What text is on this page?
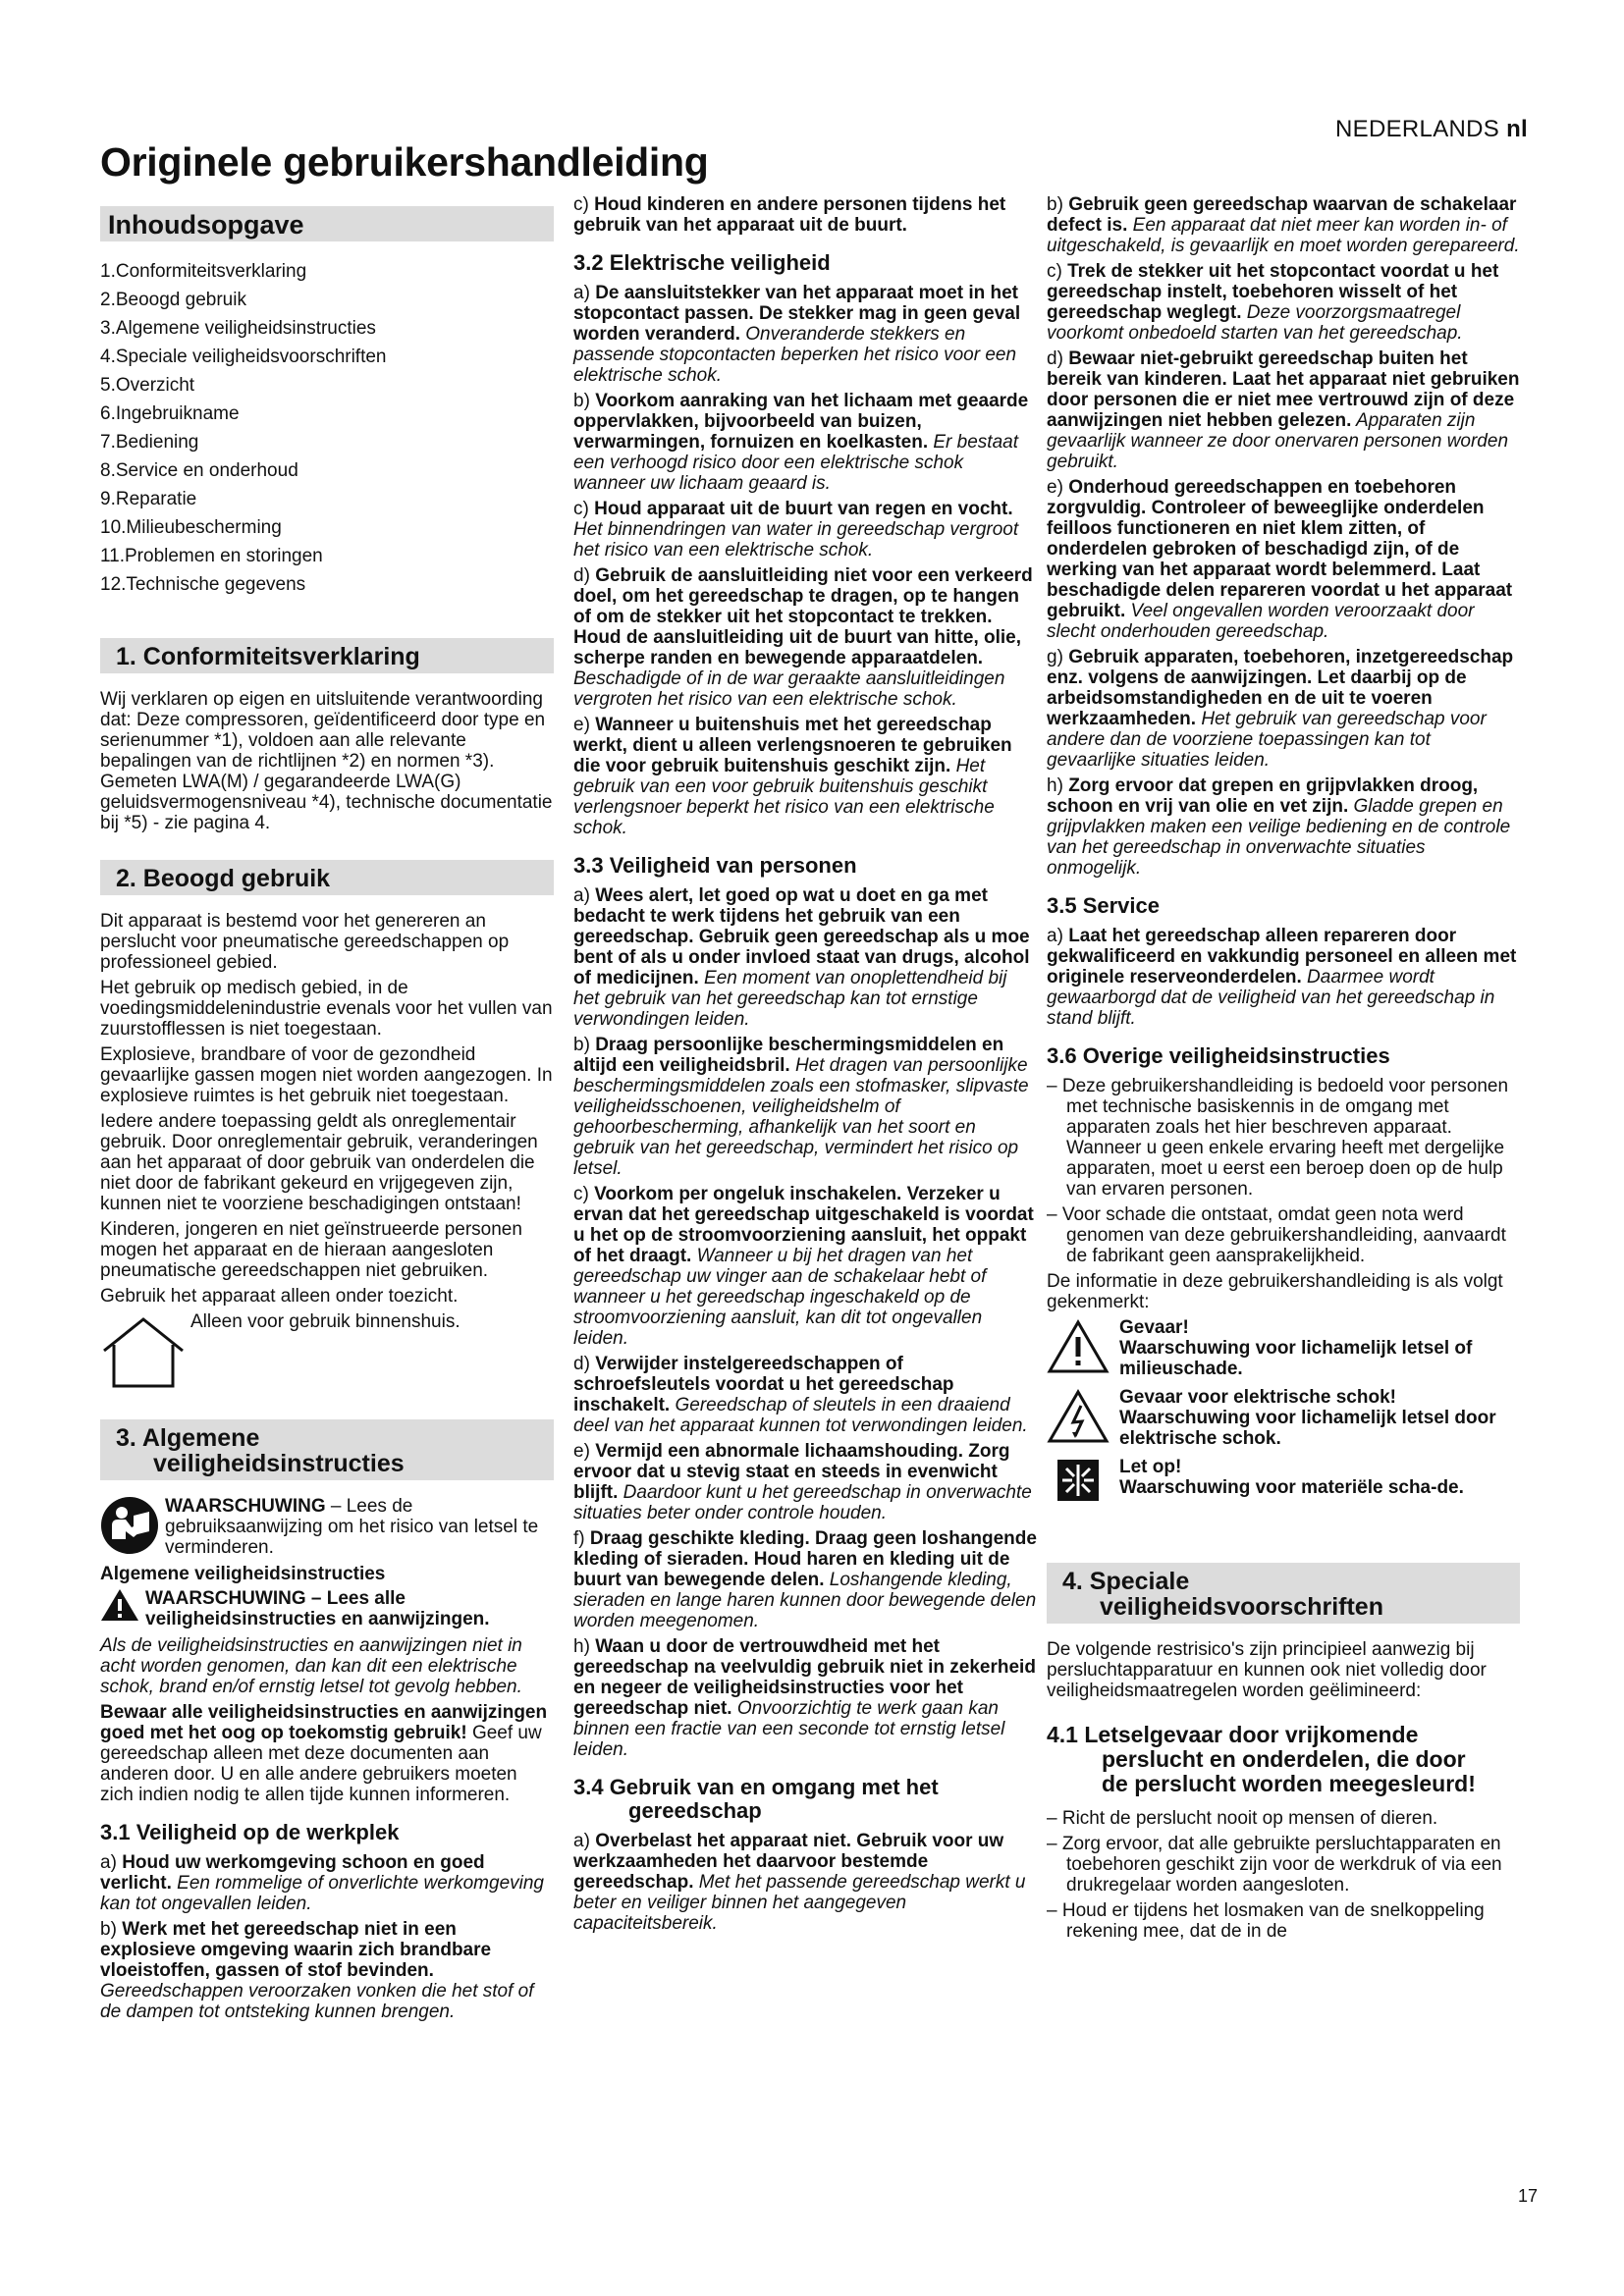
NEDERLANDS nl
Originele gebruikershandleiding
Inhoudsopgave
1.Conformiteitsverklaring
2.Beoogd gebruik
3.Algemene veiligheidsinstructies
4.Speciale veiligheidsvoorschriften
5.Overzicht
6.Ingebruikname
7.Bediening
8.Service en onderhoud
9.Reparatie
10.Milieubescherming
11.Problemen en storingen
12.Technische gegevens
1. Conformiteitsverklaring

Wij verklaren op eigen en uitsluitende verantwoording dat: Deze compressoren, geïdentificeerd door type en serienummer *1), voldoen aan alle relevante bepalingen van de richtlijnen *2) en normen *3). Gemeten LWA(M) / gegarandeerde LWA(G) geluidsvermogensniveau *4), technische documentatie bij *5) - zie pagina 4.

2. Beoogd gebruik

Dit apparaat is bestemd voor het genereren an perslucht voor pneumatische gereedschappen op professioneel gebied.

Het gebruik op medisch gebied, in de voedingsmiddelenindustrie evenals voor het vullen van zuurstofflessen is niet toegestaan.

Explosieve, brandbare of voor de gezondheid gevaarlijke gassen mogen niet worden aangezogen. In explosieve ruimtes is het gebruik niet toegestaan.

Iedere andere toepassing geldt als onreglementair gebruik. Door onreglementair gebruik, veranderingen aan het apparaat of door gebruik van onderdelen die niet door de fabrikant gekeurd en vrijgegeven zijn, kunnen niet te voorziene beschadigingen ontstaan!

Kinderen, jongeren en niet geïnstrueerde personen mogen het apparaat en de hieraan aangesloten pneumatische gereedschappen niet gebruiken.

Gebruik het apparaat alleen onder toezicht.

Alleen voor gebruik binnenshuis.
3. Algemene
veiligheidsinstructies

WAARSCHUWING – Lees de gebruiksaanwijzing om het risico van letsel te verminderen.

Algemene veiligheidsinstructies

WAARSCHUWING – Lees alle veiligheidsinstructies en aanwijzingen.

Als de veiligheidsinstructies en aanwijzingen niet in acht worden genomen, dan kan dit een elektrische schok, brand en/of ernstig letsel tot gevolg hebben.

Bewaar alle veiligheidsinstructies en aanwijzingen goed met het oog op toekomstig gebruik! Geef uw gereedschap alleen met deze documenten aan anderen door. U en alle andere gebruikers moeten zich indien nodig te allen tijde kunnen informeren.

3.1 Veiligheid op de werkplek

a) Houd uw werkomgeving schoon en goed verlicht. Een rommelige of onverlichte werkomgeving kan tot ongevallen leiden.

b) Werk met het gereedschap niet in een explosieve omgeving waarin zich brandbare vloeistoffen, gassen of stof bevinden. Gereedschappen veroorzaken vonken die het stof of de dampen tot ontsteking kunnen brengen.

c) Houd kinderen en andere personen tijdens het gebruik van het apparaat uit de buurt.

3.2 Elektrische veiligheid

a) De aansluitstekker van het apparaat moet in het stopcontact passen. De stekker mag in geen geval worden veranderd. Onveranderde stekkers en passende stopcontacten beperken het risico voor een elektrische schok.

b) Voorkom aanraking van het lichaam met geaarde oppervlakken, bijvoorbeeld van buizen, verwarmingen, fornuizen en koelkasten. Er bestaat een verhoogd risico door een elektrische schok wanneer uw lichaam geaard is.

c) Houd apparaat uit de buurt van regen en vocht. Het binnendringen van water in gereedschap vergroot het risico van een elektrische schok.

d) Gebruik de aansluitleiding niet voor een verkeerd doel, om het gereedschap te dragen, op te hangen of om de stekker uit het stopcontact te trekken. Houd de aansluitleiding uit de buurt van hitte, olie, scherpe randen en bewegende apparaatdelen. Beschadigde of in de war geraakte aansluitleidingen vergroten het risico van een elektrische schok.

e) Wanneer u buitenshuis met het gereedschap werkt, dient u alleen verlengsnoeren te gebruiken die voor gebruik buitenshuis geschikt zijn. Het gebruik van een voor gebruik buitenshuis geschikt verlengsnoer beperkt het risico van een elektrische schok.

3.3 Veiligheid van personen

a) Wees alert, let goed op wat u doet en ga met bedacht te werk tijdens het gebruik van een gereedschap. Gebruik geen gereedschap als u moe bent of als u onder invloed staat van drugs, alcohol of medicijnen. Een moment van onoplettendheid bij het gebruik van het gereedschap kan tot ernstige verwondingen leiden.

b) Draag persoonlijke beschermingsmiddelen en altijd een veiligheidsbril. Het dragen van persoonlijke beschermingsmiddelen zoals een stofmasker, slipvaste veiligheidsschoenen, veiligheidshelm of gehoorbescherming, afhankelijk van het soort en gebruik van het gereedschap, vermindert het risico op letsel.

c) Voorkom per ongeluk inschakelen. Verzeker u ervan dat het gereedschap uitgeschakeld is voordat u het op de stroomvoorziening aansluit, het oppakt of het draagt. Wanneer u bij het dragen van het gereedschap uw vinger aan de schakelaar hebt of wanneer u het gereedschap ingeschakeld op de stroomvoorziening aansluit, kan dit tot ongevallen leiden.

d) Verwijder instelgereedschappen of schroefsleutels voordat u het gereedschap inschakelt. Gereedschap of sleutels in een draaiend deel van het apparaat kunnen tot verwondingen leiden.

e) Vermijd een abnormale lichaamshouding. Zorg ervoor dat u stevig staat en steeds in evenwicht blijft. Daardoor kunt u het gereedschap in onverwachte situaties beter onder controle houden.

f) Draag geschikte kleding. Draag geen loshangende kleding of sieraden. Houd haren en kleding uit de buurt van bewegende delen. Loshangende kleding, sieraden en lange haren kunnen door bewegende delen worden meegenomen.

h) Waan u door de vertrouwdheid met het gereedschap na veelvuldig gebruik niet in zekerheid en negeer de veiligheidsinstructies voor het gereedschap niet. Onvoorzichtig te werk gaan kan binnen een fractie van een seconde tot ernstig letsel leiden.

3.4 Gebruik van en omgang met het
gereedschap

a) Overbelast het apparaat niet. Gebruik voor uw werkzaamheden het daarvoor bestemde gereedschap. Met het passende gereedschap werkt u beter en veiliger binnen het aangegeven capaciteitsbereik.

b) Gebruik geen gereedschap waarvan de schakelaar defect is. Een apparaat dat niet meer kan worden in- of uitgeschakeld, is gevaarlijk en moet worden gerepareerd.

c) Trek de stekker uit het stopcontact voordat u het gereedschap instelt, toebehoren wisselt of het gereedschap weglegt. Deze voorzorgsmaatregel voorkomt onbedoeld starten van het gereedschap.

d) Bewaar niet-gebruikt gereedschap buiten het bereik van kinderen. Laat het apparaat niet gebruiken door personen die er niet mee vertrouwd zijn of deze aanwijzingen niet hebben gelezen. Apparaten zijn gevaarlijk wanneer ze door onervaren personen worden gebruikt.

e) Onderhoud gereedschappen en toebehoren zorgvuldig. Controleer of beweeglijke onderdelen feilloos functioneren en niet klem zitten, of onderdelen gebroken of beschadigd zijn, of de werking van het apparaat wordt belemmerd. Laat beschadigde delen repareren voordat u het apparaat gebruikt. Veel ongevallen worden veroorzaakt door slecht onderhouden gereedschap.

g) Gebruik apparaten, toebehoren, inzetgereedschap enz. volgens de aanwijzingen. Let daarbij op de arbeidsomstandigheden en de uit te voeren werkzaamheden. Het gebruik van gereedschap voor andere dan de voorziene toepassingen kan tot gevaarlijke situaties leiden.

h) Zorg ervoor dat grepen en grijpvlakken droog, schoon en vrij van olie en vet zijn. Gladde grepen en grijpvlakken maken een veilige bediening en de controle van het gereedschap in onverwachte situaties onmogelijk.

3.5 Service

a) Laat het gereedschap alleen repareren door gekwalificeerd en vakkundig personeel en alleen met originele reserveonderdelen. Daarmee wordt gewaarborgd dat de veiligheid van het gereedschap in stand blijft.

3.6 Overige veiligheidsinstructies

– Deze gebruikershandleiding is bedoeld voor personen met technische basiskennis in de omgang met apparaten zoals het hier beschreven apparaat. Wanneer u geen enkele ervaring heeft met dergelijke apparaten, moet u eerst een beroep doen op de hulp van ervaren personen.

– Voor schade die ontstaat, omdat geen nota werd genomen van deze gebruikershandleiding, aanvaardt de fabrikant geen aansprakelijkheid.

De informatie in deze gebruikershandleiding is als volgt gekenmerkt:

Gevaar!
Waarschuwing voor lichamelijk letsel of milieuschade.
Gevaar voor elektrische schok!
Waarschuwing voor lichamelijk letsel door elektrische schok.
Let op!
Waarschuwing voor materiële scha-de.
4. Speciale
veiligheidsvoorschriften

De volgende restrisico's zijn principieel aanwezig bij persluchtapparatuur en kunnen ook niet volledig door veiligheidsmaatregelen worden geëlimineerd:

4.1 Letselgevaar door vrijkomende
perslucht en onderdelen, die door
de perslucht worden meegesleurd!

– Richt de perslucht nooit op mensen of dieren.

– Zorg ervoor, dat alle gebruikte persluchtapparaten en toebehoren geschikt zijn voor de werkdruk of via een drukregelaar worden aangesloten.

– Houd er tijdens het losmaken van de snelkoppeling rekening mee, dat de in de

17
